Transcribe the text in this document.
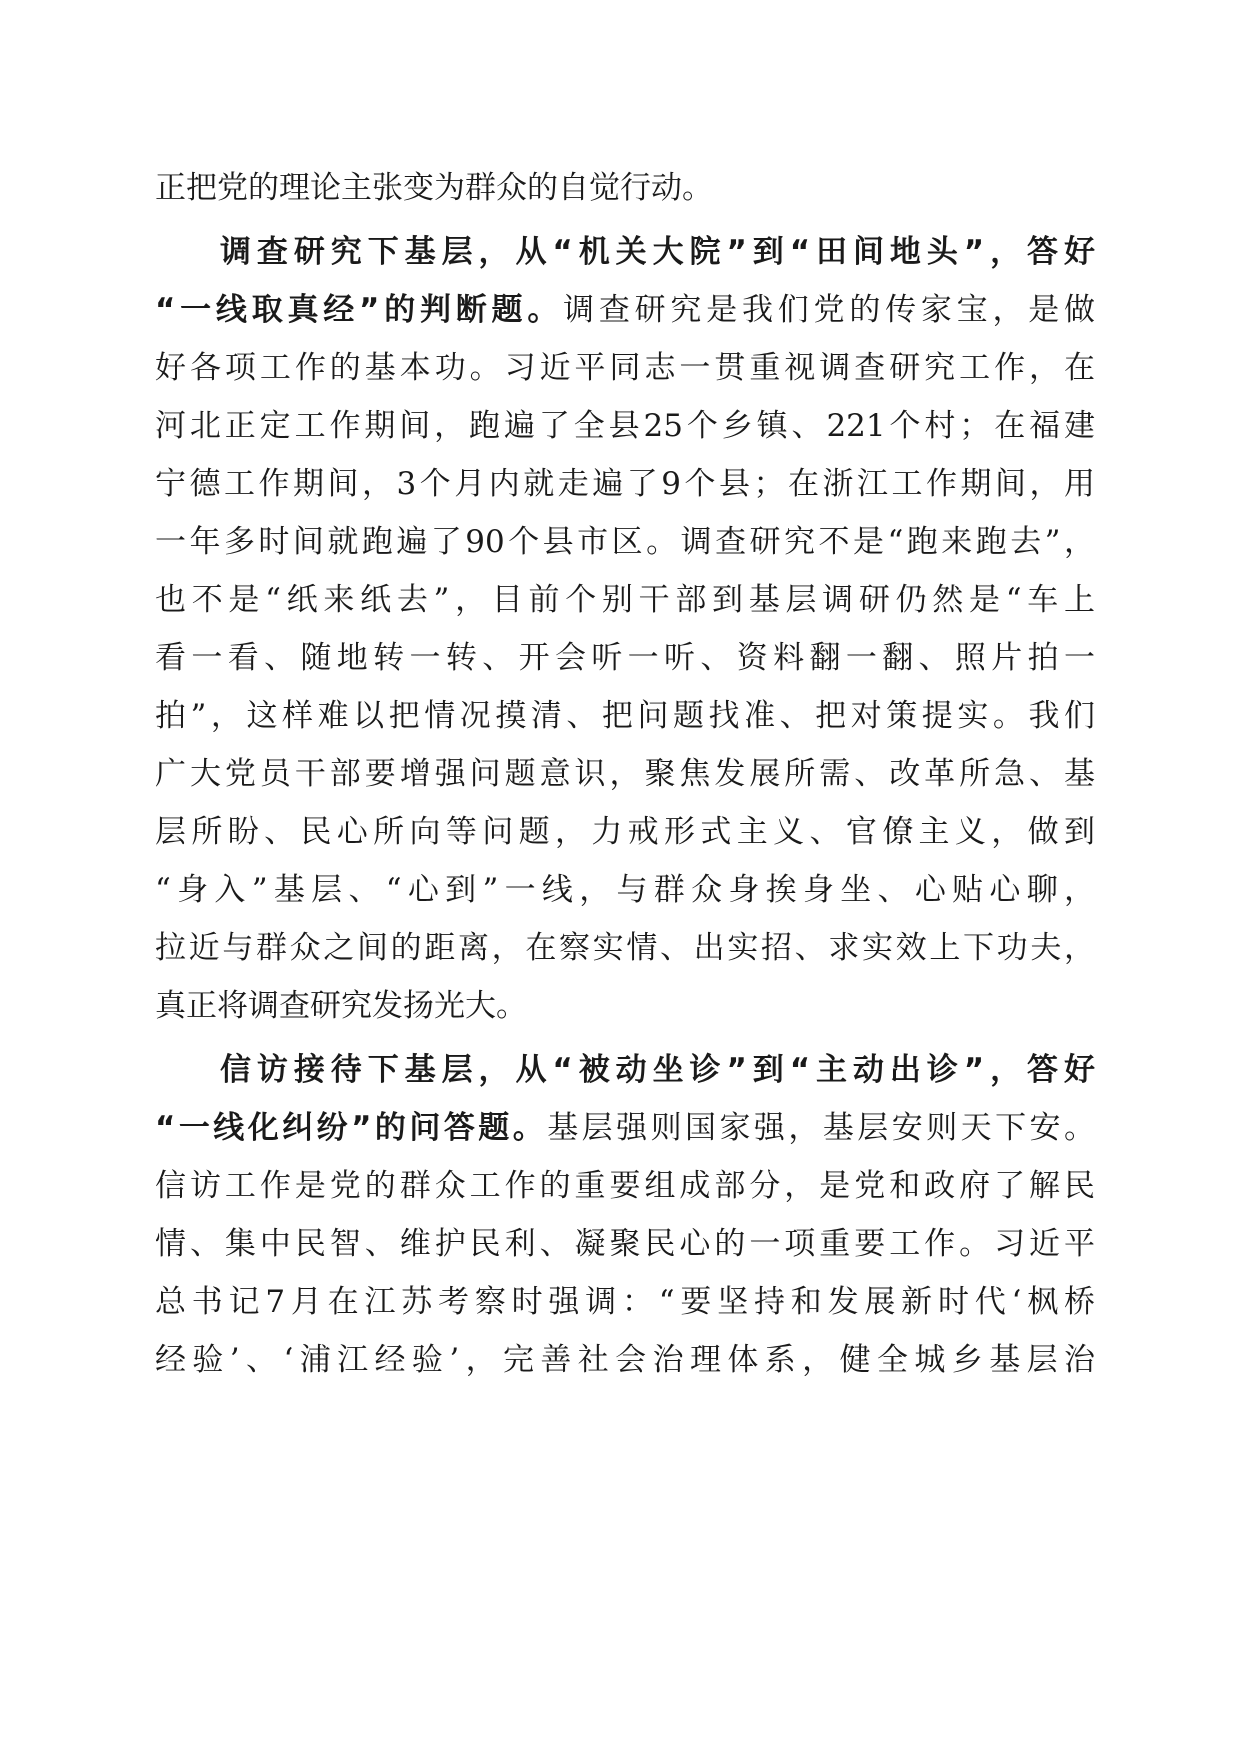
正把党的理论主张变为群众的自觉行动。
调查研究下基层，从“机关大院”到“田间地头”，答好
“一线取真经”的判断题。调查研究是我们党的传家宝，是做
好各项工作的基本功。习近平同志一贯重视调查研究工作，在
河北正定工作期间，跑遍了全县25个乡镇、221个村；在福建
宁德工作期间，3个月内就走遍了9个县；在浙江工作期间，用
一年多时间就跑遍了90个县市区。调查研究不是“跑来跑去”，
也不是“纸来纸去”，目前个别干部到基层调研仍然是“车上
看一看、随地转一转、开会听一听、资料翻一翻、照片拍一
拍”，这样难以把情况摸清、把问题找准、把对策提实。我们
广大党员干部要增强问题意识，聚焦发展所需、改革所急、基
层所盼、民心所向等问题，力戒形式主义、官僚主义，做到
“身入”基层、“心到”一线，与群众身挨身坐、心贴心聊，
拉近与群众之间的距离，在察实情、出实招、求实效上下功夫，
真正将调查研究发扬光大。
信访接待下基层，从“被动坐诊”到“主动出诊”，答好
“一线化纠纷”的问答题。基层强则国家强，基层安则天下安。
信访工作是党的群众工作的重要组成部分，是党和政府了解民
情、集中民智、维护民利、凝聚民心的一项重要工作。习近平
总书记7月在江苏考察时强调：“要坚持和发展新时代‘枫桥
经验’、‘浦江经验’，完善社会治理体系，健全城乡基层治
